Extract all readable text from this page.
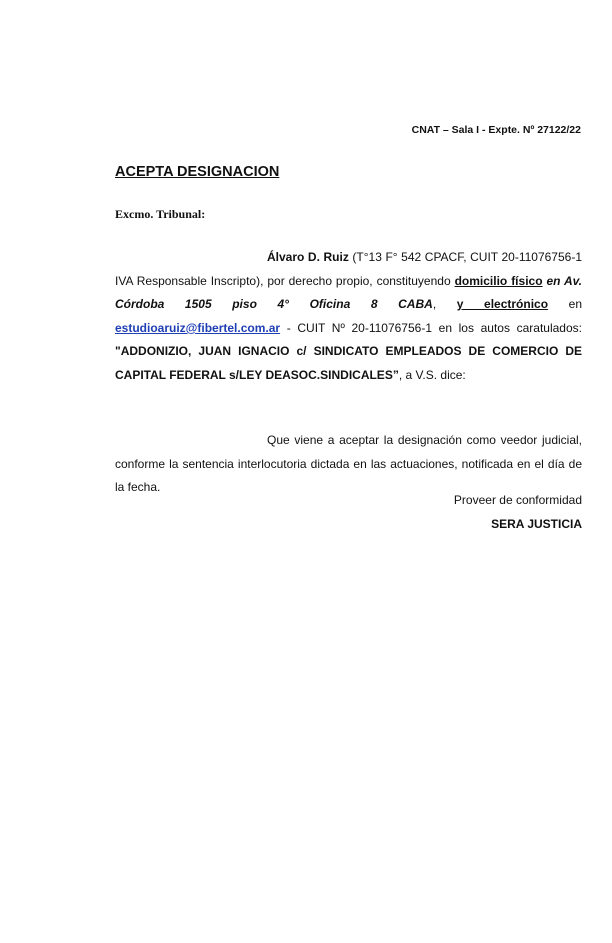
CNAT – Sala I - Expte. Nº 27122/22
ACEPTA DESIGNACION
Excmo. Tribunal:
Álvaro D. Ruiz (T°13 F° 542 CPACF, CUIT 20-11076756-1 IVA Responsable Inscripto), por derecho propio, constituyendo domicilio físico en Av. Córdoba 1505 piso 4° Oficina 8 CABA, y electrónico en estudioaruiz@fibertel.com.ar - CUIT Nº 20-11076756-1 en los autos caratulados: "ADDONIZIO, JUAN IGNACIO c/ SINDICATO EMPLEADOS DE COMERCIO DE CAPITAL FEDERAL s/LEY DEASOC.SINDICALES”, a V.S. dice:
Que viene a aceptar la designación como veedor judicial, conforme la sentencia interlocutoria dictada en las actuaciones, notificada en el día de la fecha.
Proveer de conformidad
SERA JUSTICIA
